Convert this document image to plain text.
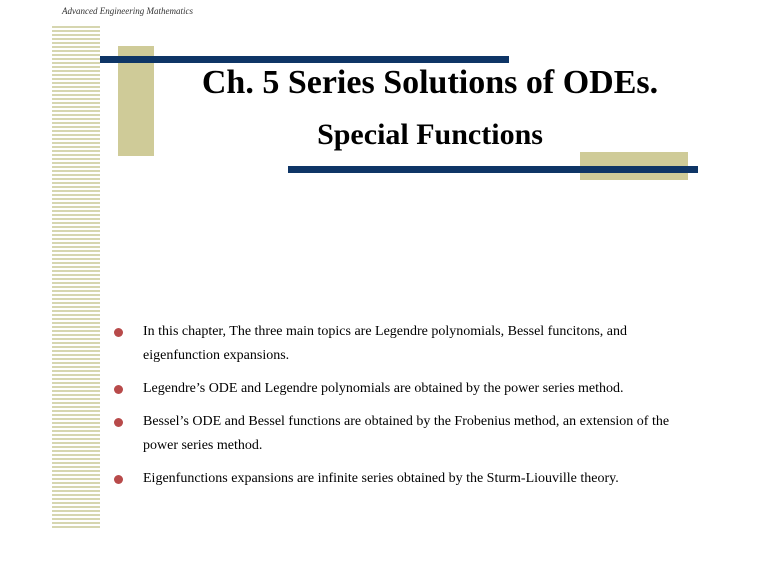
Advanced Engineering Mathematics
Ch. 5 Series Solutions of ODEs.
Special Functions
In this chapter, The three main topics are Legendre polynomials, Bessel funcitons, and eigenfunction expansions.
Legendre’s ODE and Legendre polynomials are obtained by the power series method.
Bessel’s ODE and Bessel functions are obtained by the Frobenius method, an extension of the power series method.
Eigenfunctions expansions are infinite series obtained by the Sturm-Liouville theory.
